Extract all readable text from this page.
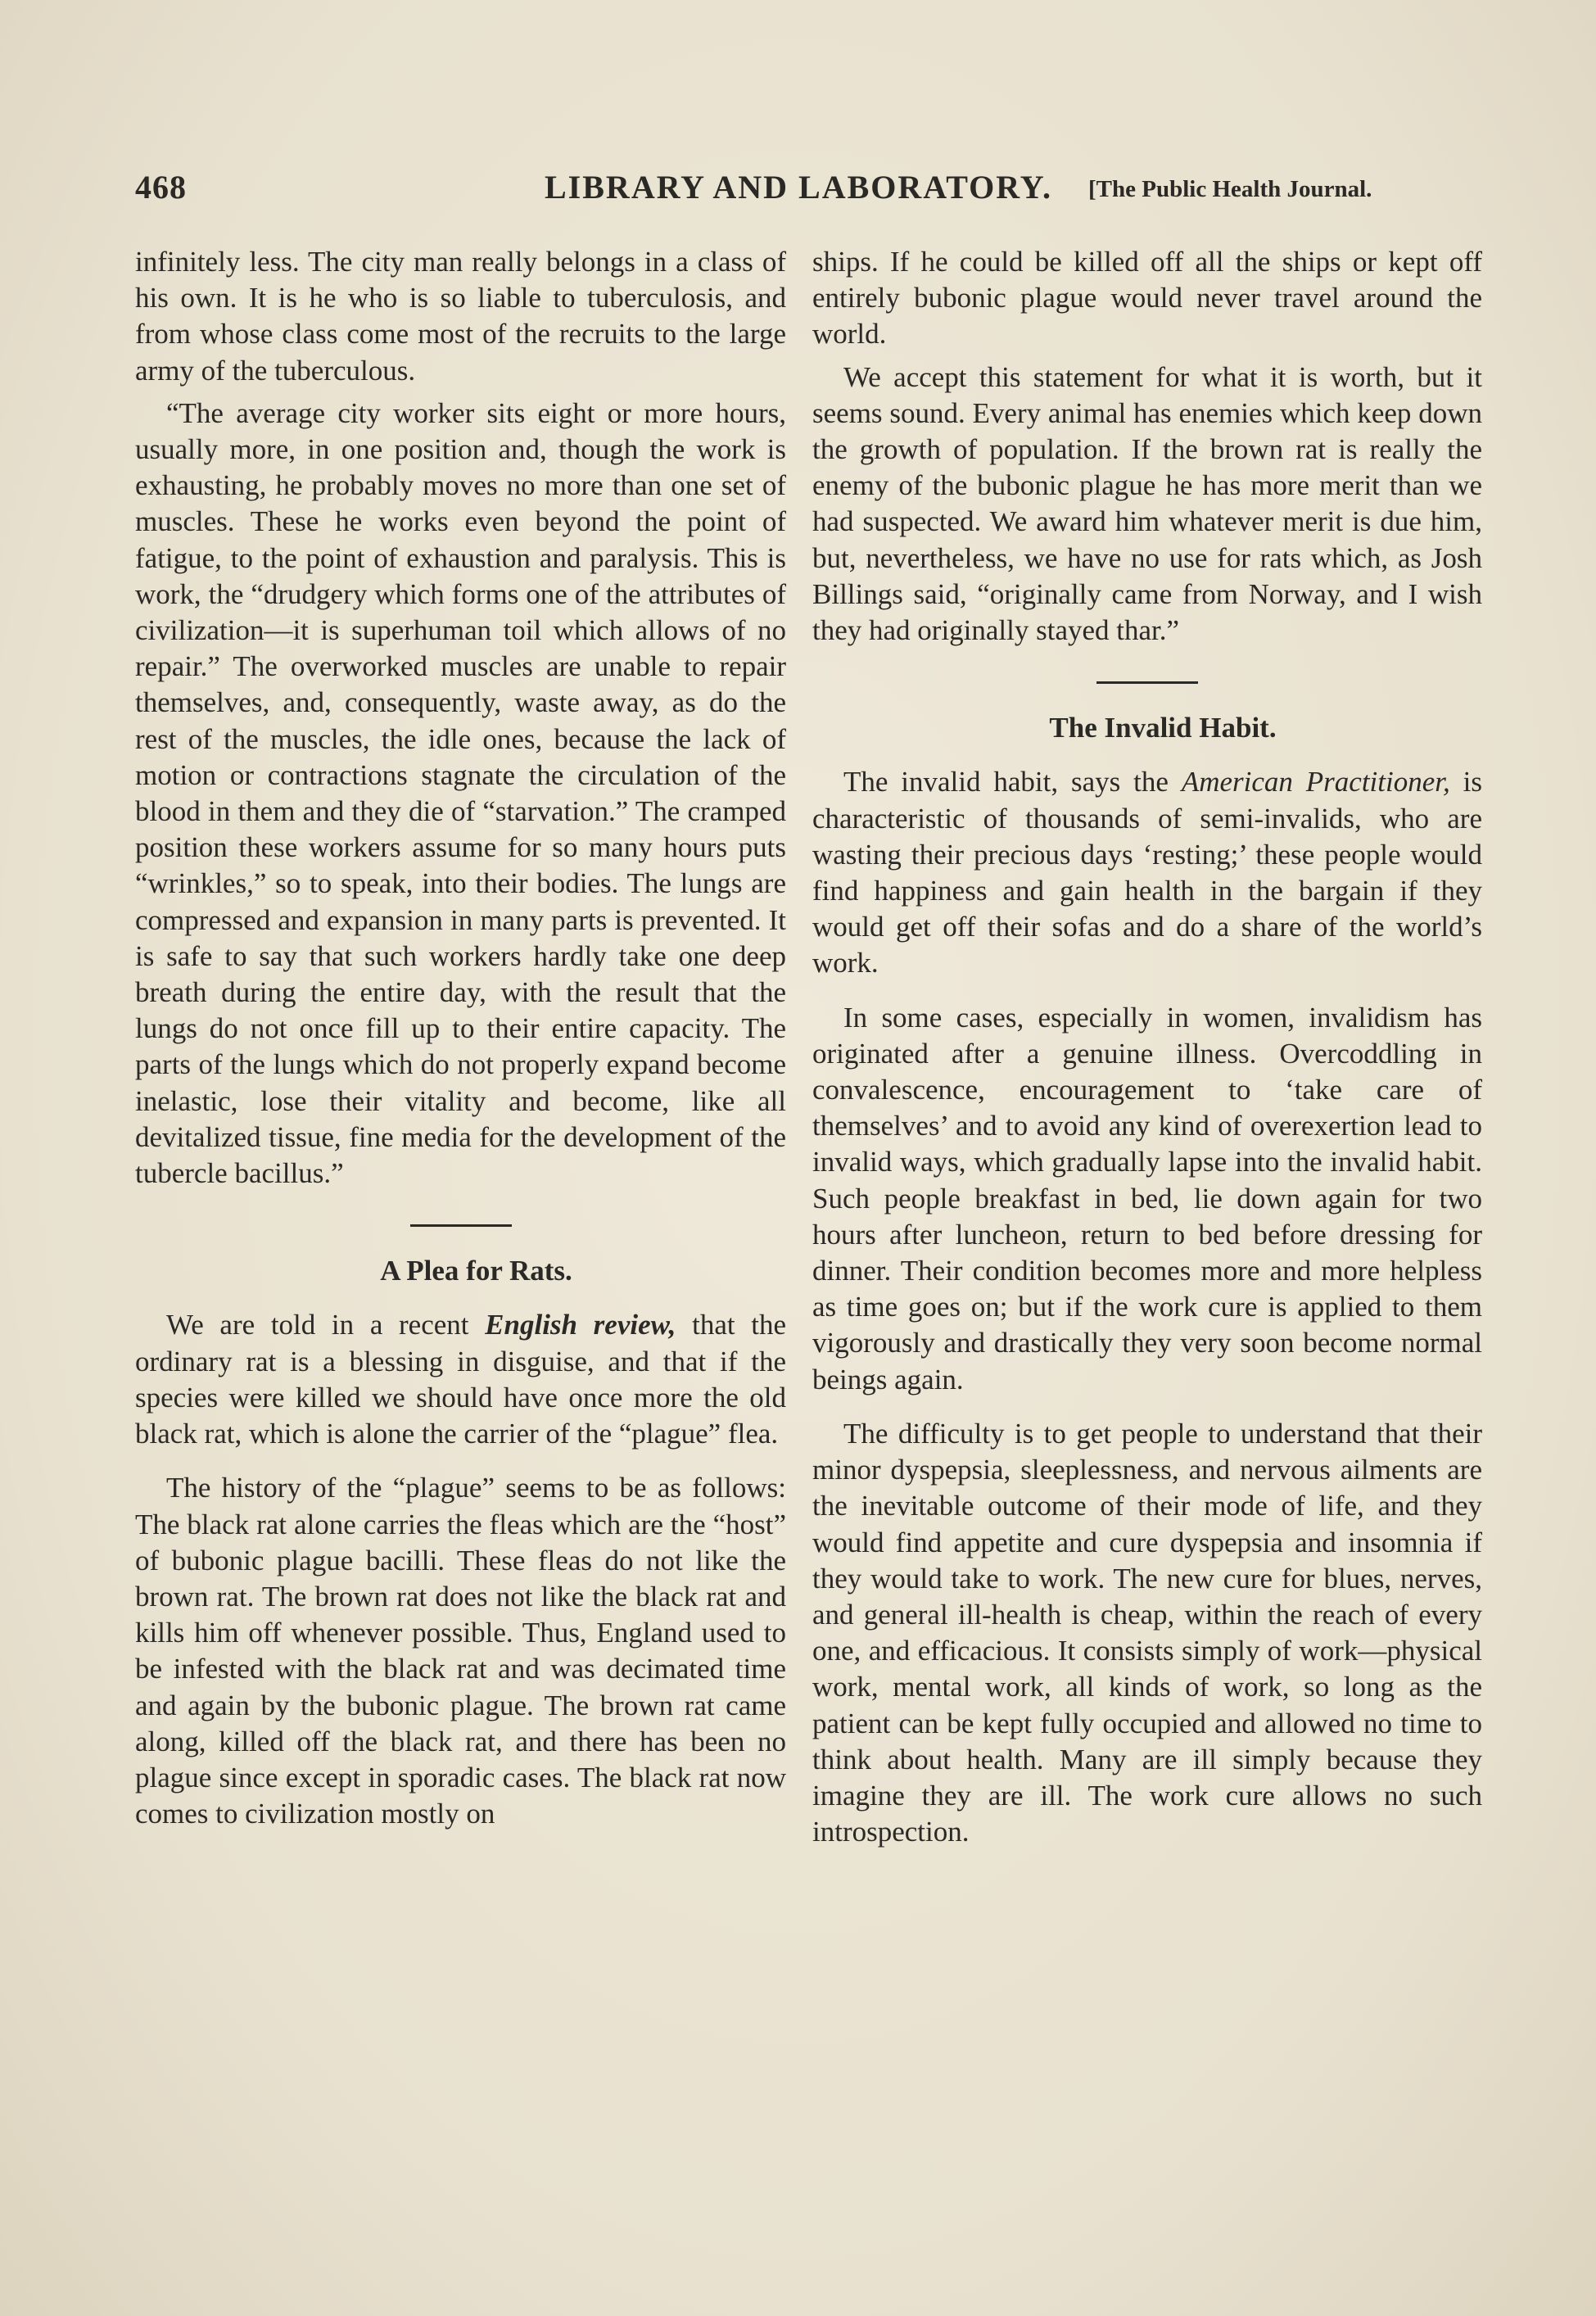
468	LIBRARY AND LABORATORY. [The Public Health Journal.

infinitely less. The city man really belongs in a class of his own. It is he who is so liable to tuberculosis, and from whose class come most of the recruits to the large army of the tuberculous.

“The average city worker sits eight or more hours, usually more, in one position and, though the work is exhausting, he probably moves no more than one set of muscles. These he works even beyond the point of fatigue, to the point of exhaustion and paralysis. This is work, the “drudgery which forms one of the attributes of civilization—it is superhuman toil which allows of no repair.” The overworked muscles are unable to repair themselves, and, consequently, waste away, as do the rest of the muscles, the idle ones, because the lack of motion or contractions stagnate the circulation of the blood in them and they die of “starvation.” The cramped position these workers assume for so many hours puts “wrinkles,” so to speak, into their bodies. The lungs are compressed and expansion in many parts is prevented. It is safe to say that such workers hardly take one deep breath during the entire day, with the result that the lungs do not once fill up to their entire capacity. The parts of the lungs which do not properly expand become inelastic, lose their vitality and become, like all devitalized tissue, fine media for the development of the tubercle bacillus.”

A Plea for Rats.

We are told in a recent English review, that the ordinary rat is a blessing in disguise, and that if the species were killed we should have once more the old black rat, which is alone the carrier of the “plague” flea.

The history of the “plague” seems to be as follows: The black rat alone carries the fleas which are the “host” of bubonic plague bacilli. These fleas do not like the brown rat. The brown rat does not like the black rat and kills him off whenever possible. Thus, England used to be infested with the black rat and was decimated time and again by the bubonic plague. The brown rat came along, killed off the black rat, and there has been no plague since except in sporadic cases. The black rat now comes to civilization mostly on

ships. If he could be killed off all the ships or kept off entirely bubonic plague would never travel around the world.

We accept this statement for what it is worth, but it seems sound. Every animal has enemies which keep down the growth of population. If the brown rat is really the enemy of the bubonic plague he has more merit than we had suspected. We award him whatever merit is due him, but, nevertheless, we have no use for rats which, as Josh Billings said, “originally came from Norway, and I wish they had originally stayed thar.”

The Invalid Habit.

The invalid habit, says the American Practitioner, is characteristic of thousands of semi-invalids, who are wasting their precious days ‘resting;’ these people would find happiness and gain health in the bargain if they would get off their sofas and do a share of the world’s work.

In some cases, especially in women, invalidism has originated after a genuine illness. Overcoddling in convalescence, encouragement to ‘take care of themselves’ and to avoid any kind of overexertion lead to invalid ways, which gradually lapse into the invalid habit. Such people breakfast in bed, lie down again for two hours after luncheon, return to bed before dressing for dinner. Their condition becomes more and more helpless as time goes on; but if the work cure is applied to them vigorously and drastically they very soon become normal beings again.

The difficulty is to get people to understand that their minor dyspepsia, sleeplessness, and nervous ailments are the inevitable outcome of their mode of life, and they would find appetite and cure dyspepsia and insomnia if they would take to work. The new cure for blues, nerves, and general ill-health is cheap, within the reach of every one, and efficacious. It consists simply of work—physical work, mental work, all kinds of work, so long as the patient can be kept fully occupied and allowed no time to think about health. Many are ill simply because they imagine they are ill. The work cure allows no such introspection.
